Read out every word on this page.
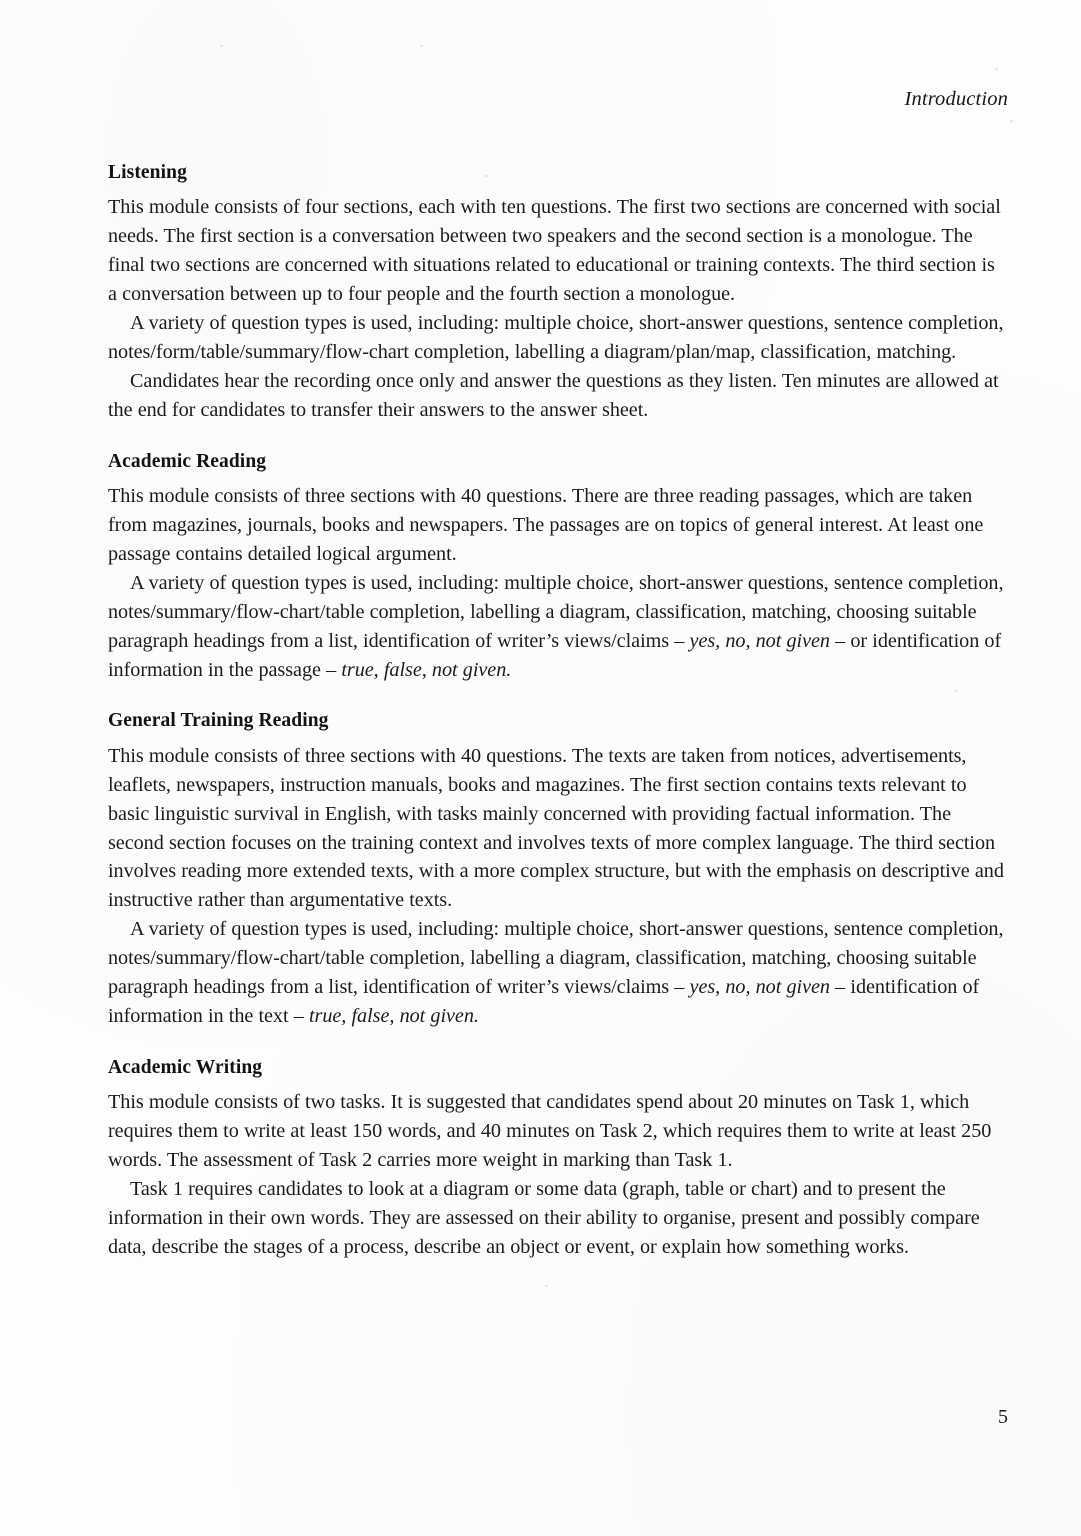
Introduction
Listening

This module consists of four sections, each with ten questions. The first two sections are concerned with social needs. The first section is a conversation between two speakers and the second section is a monologue. The final two sections are concerned with situations related to educational or training contexts. The third section is a conversation between up to four people and the fourth section a monologue.

A variety of question types is used, including: multiple choice, short-answer questions, sentence completion, notes/form/table/summary/flow-chart completion, labelling a diagram/plan/map, classification, matching.

Candidates hear the recording once only and answer the questions as they listen. Ten minutes are allowed at the end for candidates to transfer their answers to the answer sheet.

Academic Reading

This module consists of three sections with 40 questions. There are three reading passages, which are taken from magazines, journals, books and newspapers. The passages are on topics of general interest. At least one passage contains detailed logical argument.

A variety of question types is used, including: multiple choice, short-answer questions, sentence completion, notes/summary/flow-chart/table completion, labelling a diagram, classification, matching, choosing suitable paragraph headings from a list, identification of writer’s views/claims – yes, no, not given – or identification of information in the passage – true, false, not given.

General Training Reading

This module consists of three sections with 40 questions. The texts are taken from notices, advertisements, leaflets, newspapers, instruction manuals, books and magazines. The first section contains texts relevant to basic linguistic survival in English, with tasks mainly concerned with providing factual information. The second section focuses on the training context and involves texts of more complex language. The third section involves reading more extended texts, with a more complex structure, but with the emphasis on descriptive and instructive rather than argumentative texts.

A variety of question types is used, including: multiple choice, short-answer questions, sentence completion, notes/summary/flow-chart/table completion, labelling a diagram, classification, matching, choosing suitable paragraph headings from a list, identification of writer’s views/claims – yes, no, not given – identification of information in the text – true, false, not given.

Academic Writing

This module consists of two tasks. It is suggested that candidates spend about 20 minutes on Task 1, which requires them to write at least 150 words, and 40 minutes on Task 2, which requires them to write at least 250 words. The assessment of Task 2 carries more weight in marking than Task 1.

Task 1 requires candidates to look at a diagram or some data (graph, table or chart) and to present the information in their own words. They are assessed on their ability to organise, present and possibly compare data, describe the stages of a process, describe an object or event, or explain how something works.

5
